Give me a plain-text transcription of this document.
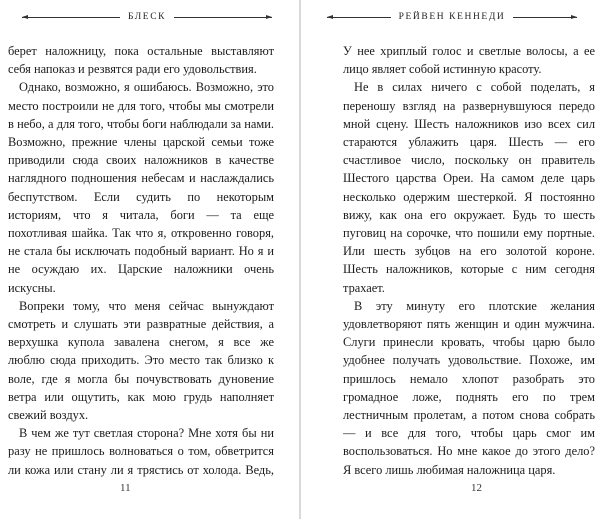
БЛЕСК

берет наложницу, пока остальные выставляют себя напоказ и резвятся ради его удовольствия.

Однако, возможно, я ошибаюсь. Возможно, это место построили не для того, чтобы мы смотрели в небо, а для того, чтобы боги наблюдали за нами. Возможно, прежние члены царской семьи тоже приводили сюда своих наложников в качестве наглядного подношения небесам и наслаждались беспутством. Если судить по некоторым историям, что я читала, боги — та еще похотливая шайка. Так что я, откровенно говоря, не стала бы исключать подобный вариант. Но я и не осуждаю их. Царские наложники очень искусны.

Вопреки тому, что меня сейчас вынуждают смотреть и слушать эти развратные действия, а верхушка купола завалена снегом, я все же люблю сюда приходить. Это место так близко к воле, где я могла бы почувствовать дуновение ветра или ощутить, как мою грудь наполняет свежий воздух.

В чем же тут светлая сторона? Мне хотя бы ни разу не пришлось волноваться о том, обветрится ли кожа или стану ли я трястись от холода. Ведь,

11
РЕЙВЕН КЕННЕДИ

У нее хриплый голос и светлые волосы, а ее лицо являет собой истинную красоту.

Не в силах ничего с собой поделать, я переношу взгляд на развернувшуюся передо мной сцену. Шесть наложников изо всех сил стараются ублажить царя. Шесть — его счастливое число, поскольку он правитель Шестого царства Ореи. На самом деле царь несколько одержим шестеркой. Я постоянно вижу, как она его окружает. Будь то шесть пуговиц на сорочке, что пошили ему портные. Или шесть зубцов на его золотой короне. Шесть наложников, которые с ним сегодня трахает.

В эту минуту его плотские желания удовлетворяют пять женщин и один мужчина. Слуги принесли кровать, чтобы царю было удобнее получать удовольствие. Похоже, им пришлось немало хлопот разобрать это громадное ложе, поднять его по трем лестничным пролетам, а потом снова собрать — и все для того, чтобы царь смог им воспользоваться. Но мне какое до этого дело? Я всего лишь любимая наложница царя.

12
